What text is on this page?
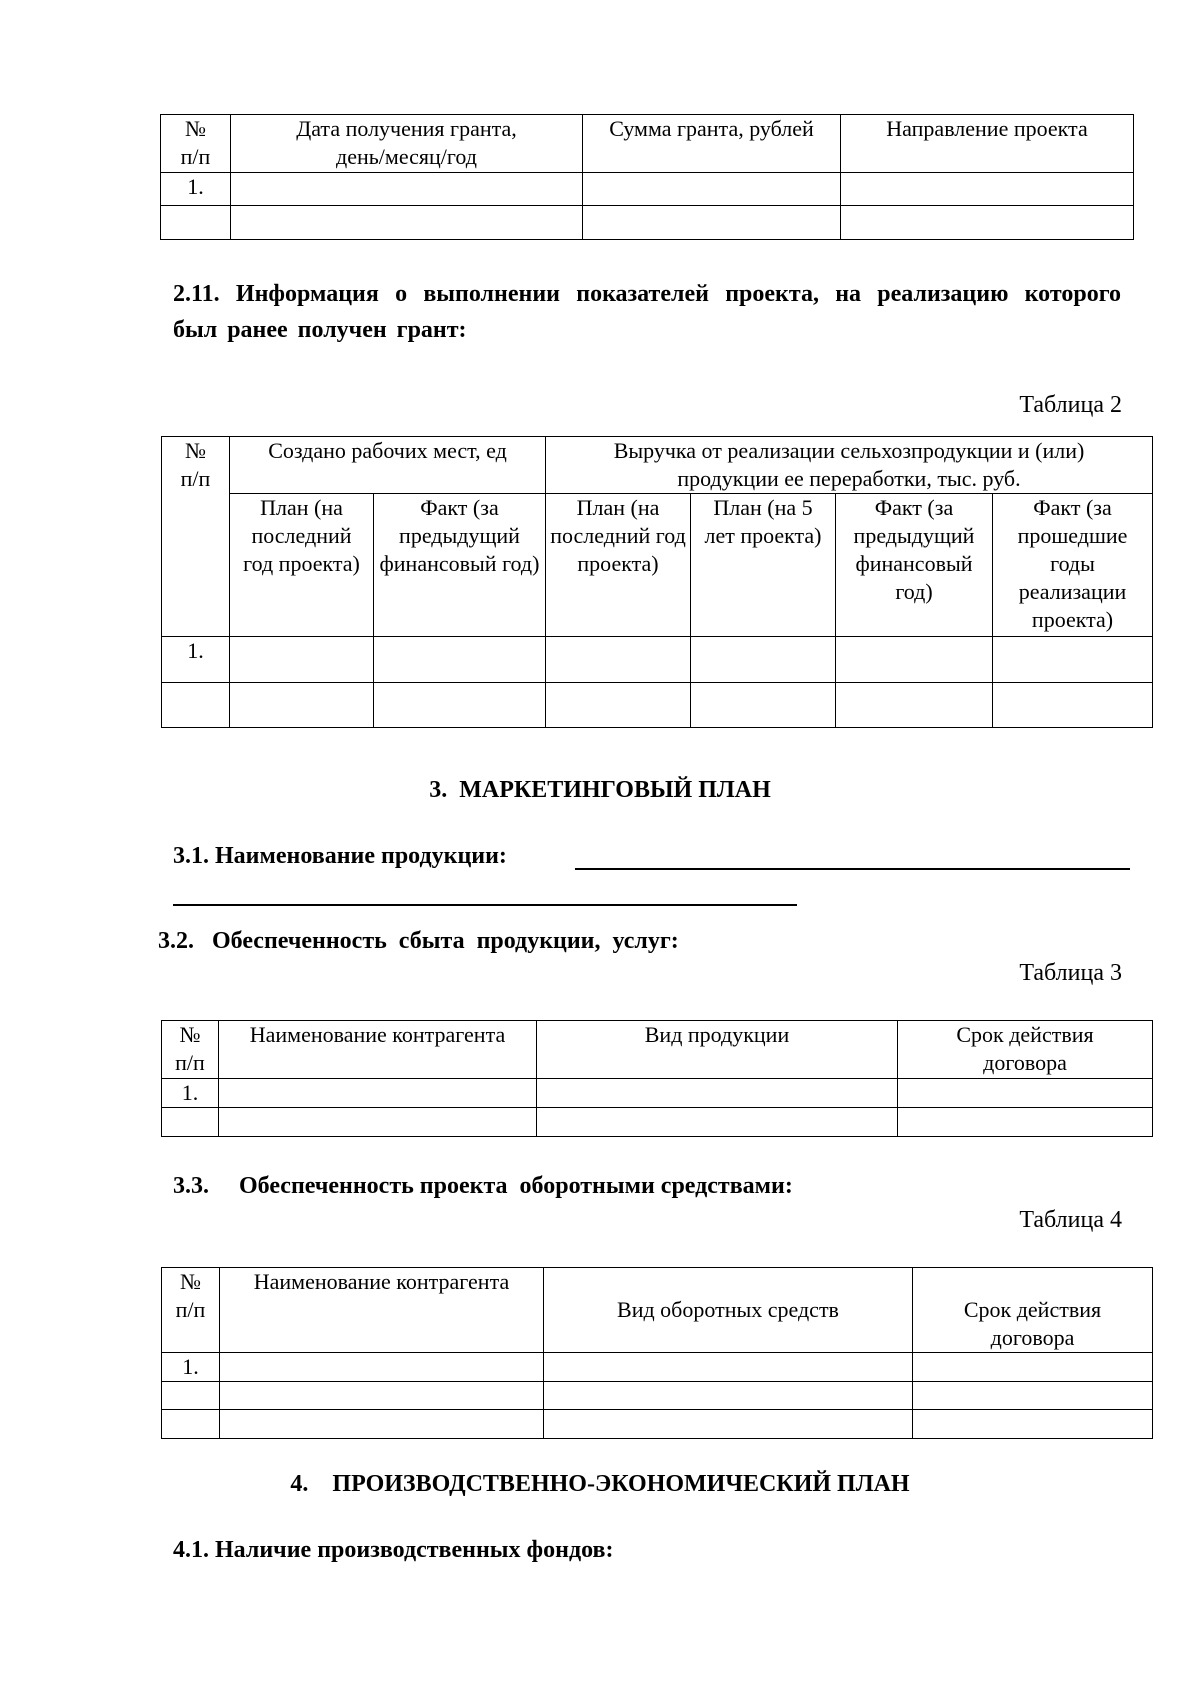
№ п/п	Дата получения гранта, день/месяц/год	Сумма гранта, рублей	Направление проекта
1.			

2.11. Информация о выполнении показателей проекта, на реализацию которого был ранее получен грант:
Таблица 2
№ п/п	Создано рабочих мест, ед		Выручка от реализации сельхозпродукции и (или) продукции ее переработки, тыс. руб.			
	План (на последний год проекта)	Факт (за предыдущий финансовый год)	План (на последний год проекта)	План (на 5 лет проекта)	Факт (за предыдущий финансовый год)	Факт (за прошедшие годы реализации проекта)
1.						

3.  МАРКЕТИНГОВЫЙ ПЛАН
3.1. Наименование продукции:
3.2.   Обеспеченность  сбыта  продукции,  услуг:
Таблица 3
№ п/п	Наименование контрагента	Вид продукции	Срок действия договора
1.			

3.3.     Обеспеченность проекта  оборотными средствами:
Таблица 4
№ п/п	Наименование контрагента	Вид оборотных средств	Срок действия договора
1.			

4.    ПРОИЗВОДСТВЕННО-ЭКОНОМИЧЕСКИЙ ПЛАН
4.1. Наличие производственных фондов:
